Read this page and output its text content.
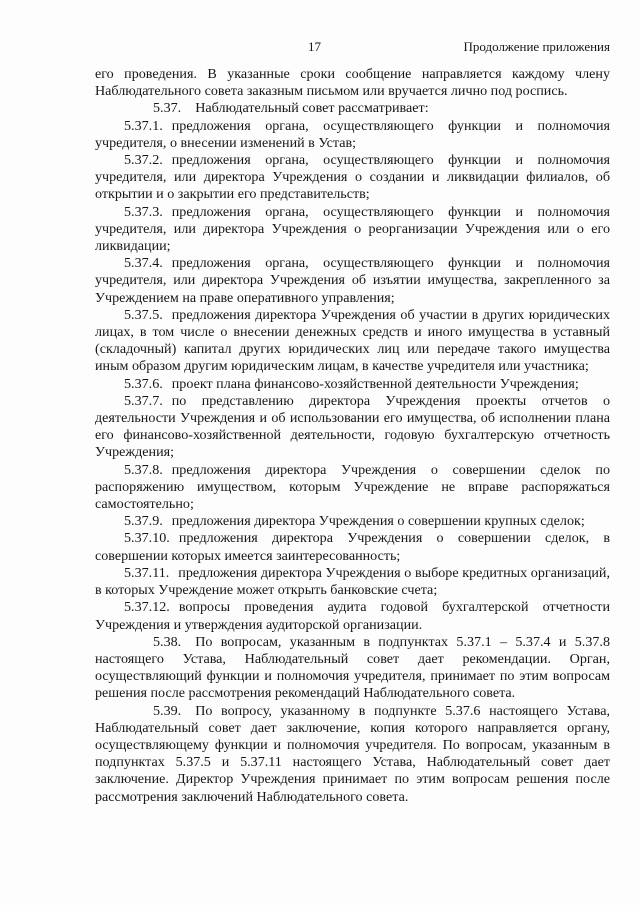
17	Продолжение приложения

его проведения. В указанные сроки сообщение направляется каждому члену Наблюдательного совета заказным письмом или вручается лично под роспись.

5.37. Наблюдательный совет рассматривает:

5.37.1. предложения органа, осуществляющего функции и полномочия учредителя, о внесении изменений в Устав;

5.37.2. предложения органа, осуществляющего функции и полномочия учредителя, или директора Учреждения о создании и ликвидации филиалов, об открытии и о закрытии его представительств;

5.37.3. предложения органа, осуществляющего функции и полномочия учредителя, или директора Учреждения о реорганизации Учреждения или о его ликвидации;

5.37.4. предложения органа, осуществляющего функции и полномочия учредителя, или директора Учреждения об изъятии имущества, закрепленного за Учреждением на праве оперативного управления;

5.37.5. предложения директора Учреждения об участии в других юридических лицах, в том числе о внесении денежных средств и иного имущества в уставный (складочный) капитал других юридических лиц или передаче такого имущества иным образом другим юридическим лицам, в качестве учредителя или участника;

5.37.6. проект плана финансово-хозяйственной деятельности Учреждения;

5.37.7. по представлению директора Учреждения проекты отчетов о деятельности Учреждения и об использовании его имущества, об исполнении плана его финансово-хозяйственной деятельности, годовую бухгалтерскую отчетность Учреждения;

5.37.8. предложения директора Учреждения о совершении сделок по распоряжению имуществом, которым Учреждение не вправе распоряжаться самостоятельно;

5.37.9. предложения директора Учреждения о совершении крупных сделок;

5.37.10. предложения директора Учреждения о совершении сделок, в совершении которых имеется заинтересованность;

5.37.11. предложения директора Учреждения о выборе кредитных организаций, в которых Учреждение может открыть банковские счета;

5.37.12. вопросы проведения аудита годовой бухгалтерской отчетности Учреждения и утверждения аудиторской организации.

5.38. По вопросам, указанным в подпунктах 5.37.1 – 5.37.4 и 5.37.8 настоящего Устава, Наблюдательный совет дает рекомендации. Орган, осуществляющий функции и полномочия учредителя, принимает по этим вопросам решения после рассмотрения рекомендаций Наблюдательного совета.

5.39. По вопросу, указанному в подпункте 5.37.6 настоящего Устава, Наблюдательный совет дает заключение, копия которого направляется органу, осуществляющему функции и полномочия учредителя. По вопросам, указанным в подпунктах 5.37.5 и 5.37.11 настоящего Устава, Наблюдательный совет дает заключение. Директор Учреждения принимает по этим вопросам решения после рассмотрения заключений Наблюдательного совета.
